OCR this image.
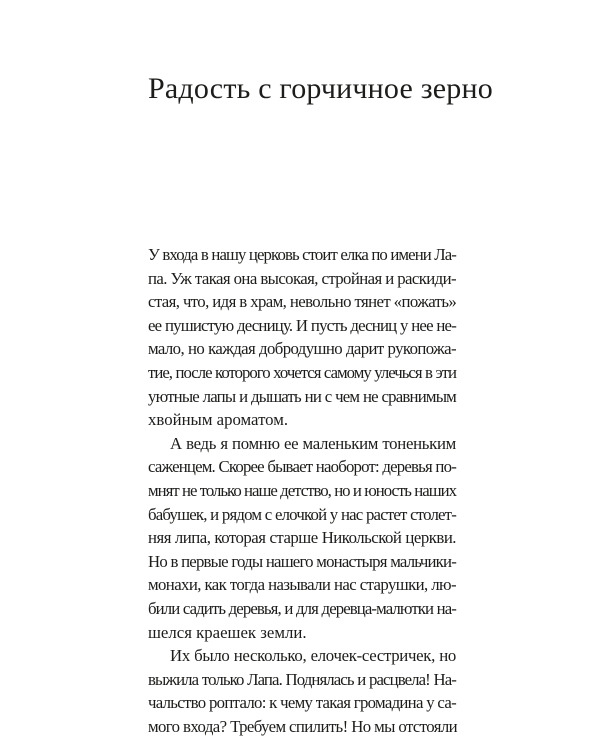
Радость с горчичное зерно
У входа в нашу церковь стоит елка по имени Ла-
па. Уж такая она высокая, стройная и раскиди-
стая, что, идя в храм, невольно тянет «пожать»
ее пушистую десницу. И пусть десниц у нее не-
мало, но каждая добродушно дарит рукопожа-
тие, после которого хочется самому улечься в эти
уютные лапы и дышать ни с чем не сравнимым
хвойным ароматом.
А ведь я помню ее маленьким тоненьким
саженцем. Скорее бывает наоборот: деревья по-
мнят не только наше детство, но и юность наших
бабушек, и рядом с елочкой у нас растет столет-
няя липа, которая старше Никольской церкви.
Но в первые годы нашего монастыря мальчики-
монахи, как тогда называли нас старушки, лю-
били садить деревья, и для деревца-малютки на-
шелся краешек земли.
Их было несколько, елочек-сестричек, но
выжила только Лапа. Поднялась и расцвела! На-
чальство роптало: к чему такая громадина у са-
мого входа? Требуем спилить! Но мы отстояли
